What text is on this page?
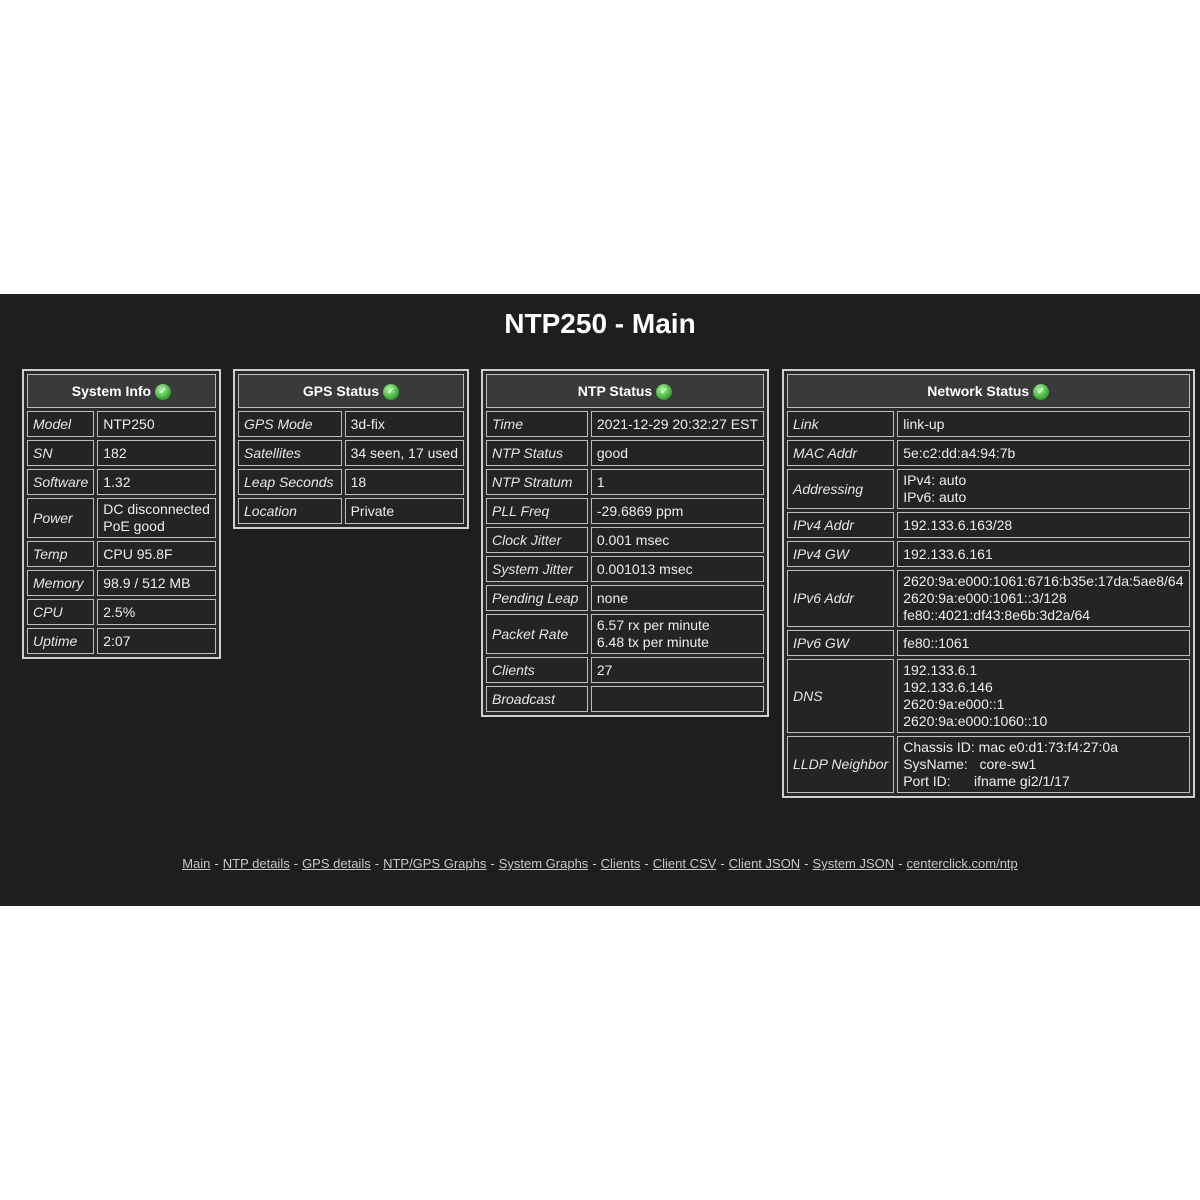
NTP250 - Main
System Info ✓	
Model	NTP250

SN	182

Software	1.32

Power	DC disconnected
PoE good

Temp	CPU 95.8F

Memory	98.9 / 512 MB

CPU	2.5%

Uptime	2:07
GPS Status ✓	
GPS Mode	3d-fix

Satellites	34 seen, 17 used

Leap Seconds	18

Location	Private
NTP Status ✓	
Time	2021-12-29 20:32:27 EST

NTP Status	good

NTP Stratum	1

PLL Freq	-29.6869 ppm

Clock Jitter	0.001 msec

System Jitter	0.001013 msec

Pending Leap	none

Packet Rate	6.57 rx per minute
6.48 tx per minute

Clients	27

Broadcast	
Network Status ✓	
Link	link-up

MAC Addr	5e:c2:dd:a4:94:7b

Addressing	IPv4: auto
IPv6: auto

IPv4 Addr	192.133.6.163/28

IPv4 GW	192.133.6.161

IPv6 Addr	2620:9a:e000:1061:6716:b35e:17da:5ae8/64
2620:9a:e000:1061::3/128
fe80::4021:df43:8e6b:3d2a/64

IPv6 GW	fe80::1061

DNS	192.133.6.1
192.133.6.146
2620:9a:e000::1
2620:9a:e000:1060::10

LLDP Neighbor	Chassis ID: mac e0:d1:73:f4:27:0a
SysName:   core-sw1
Port ID:      ifname gi2/1/17
Main - NTP details - GPS details - NTP/GPS Graphs - System Graphs - Clients - Client CSV - Client JSON - System JSON - centerclick.com/ntp
